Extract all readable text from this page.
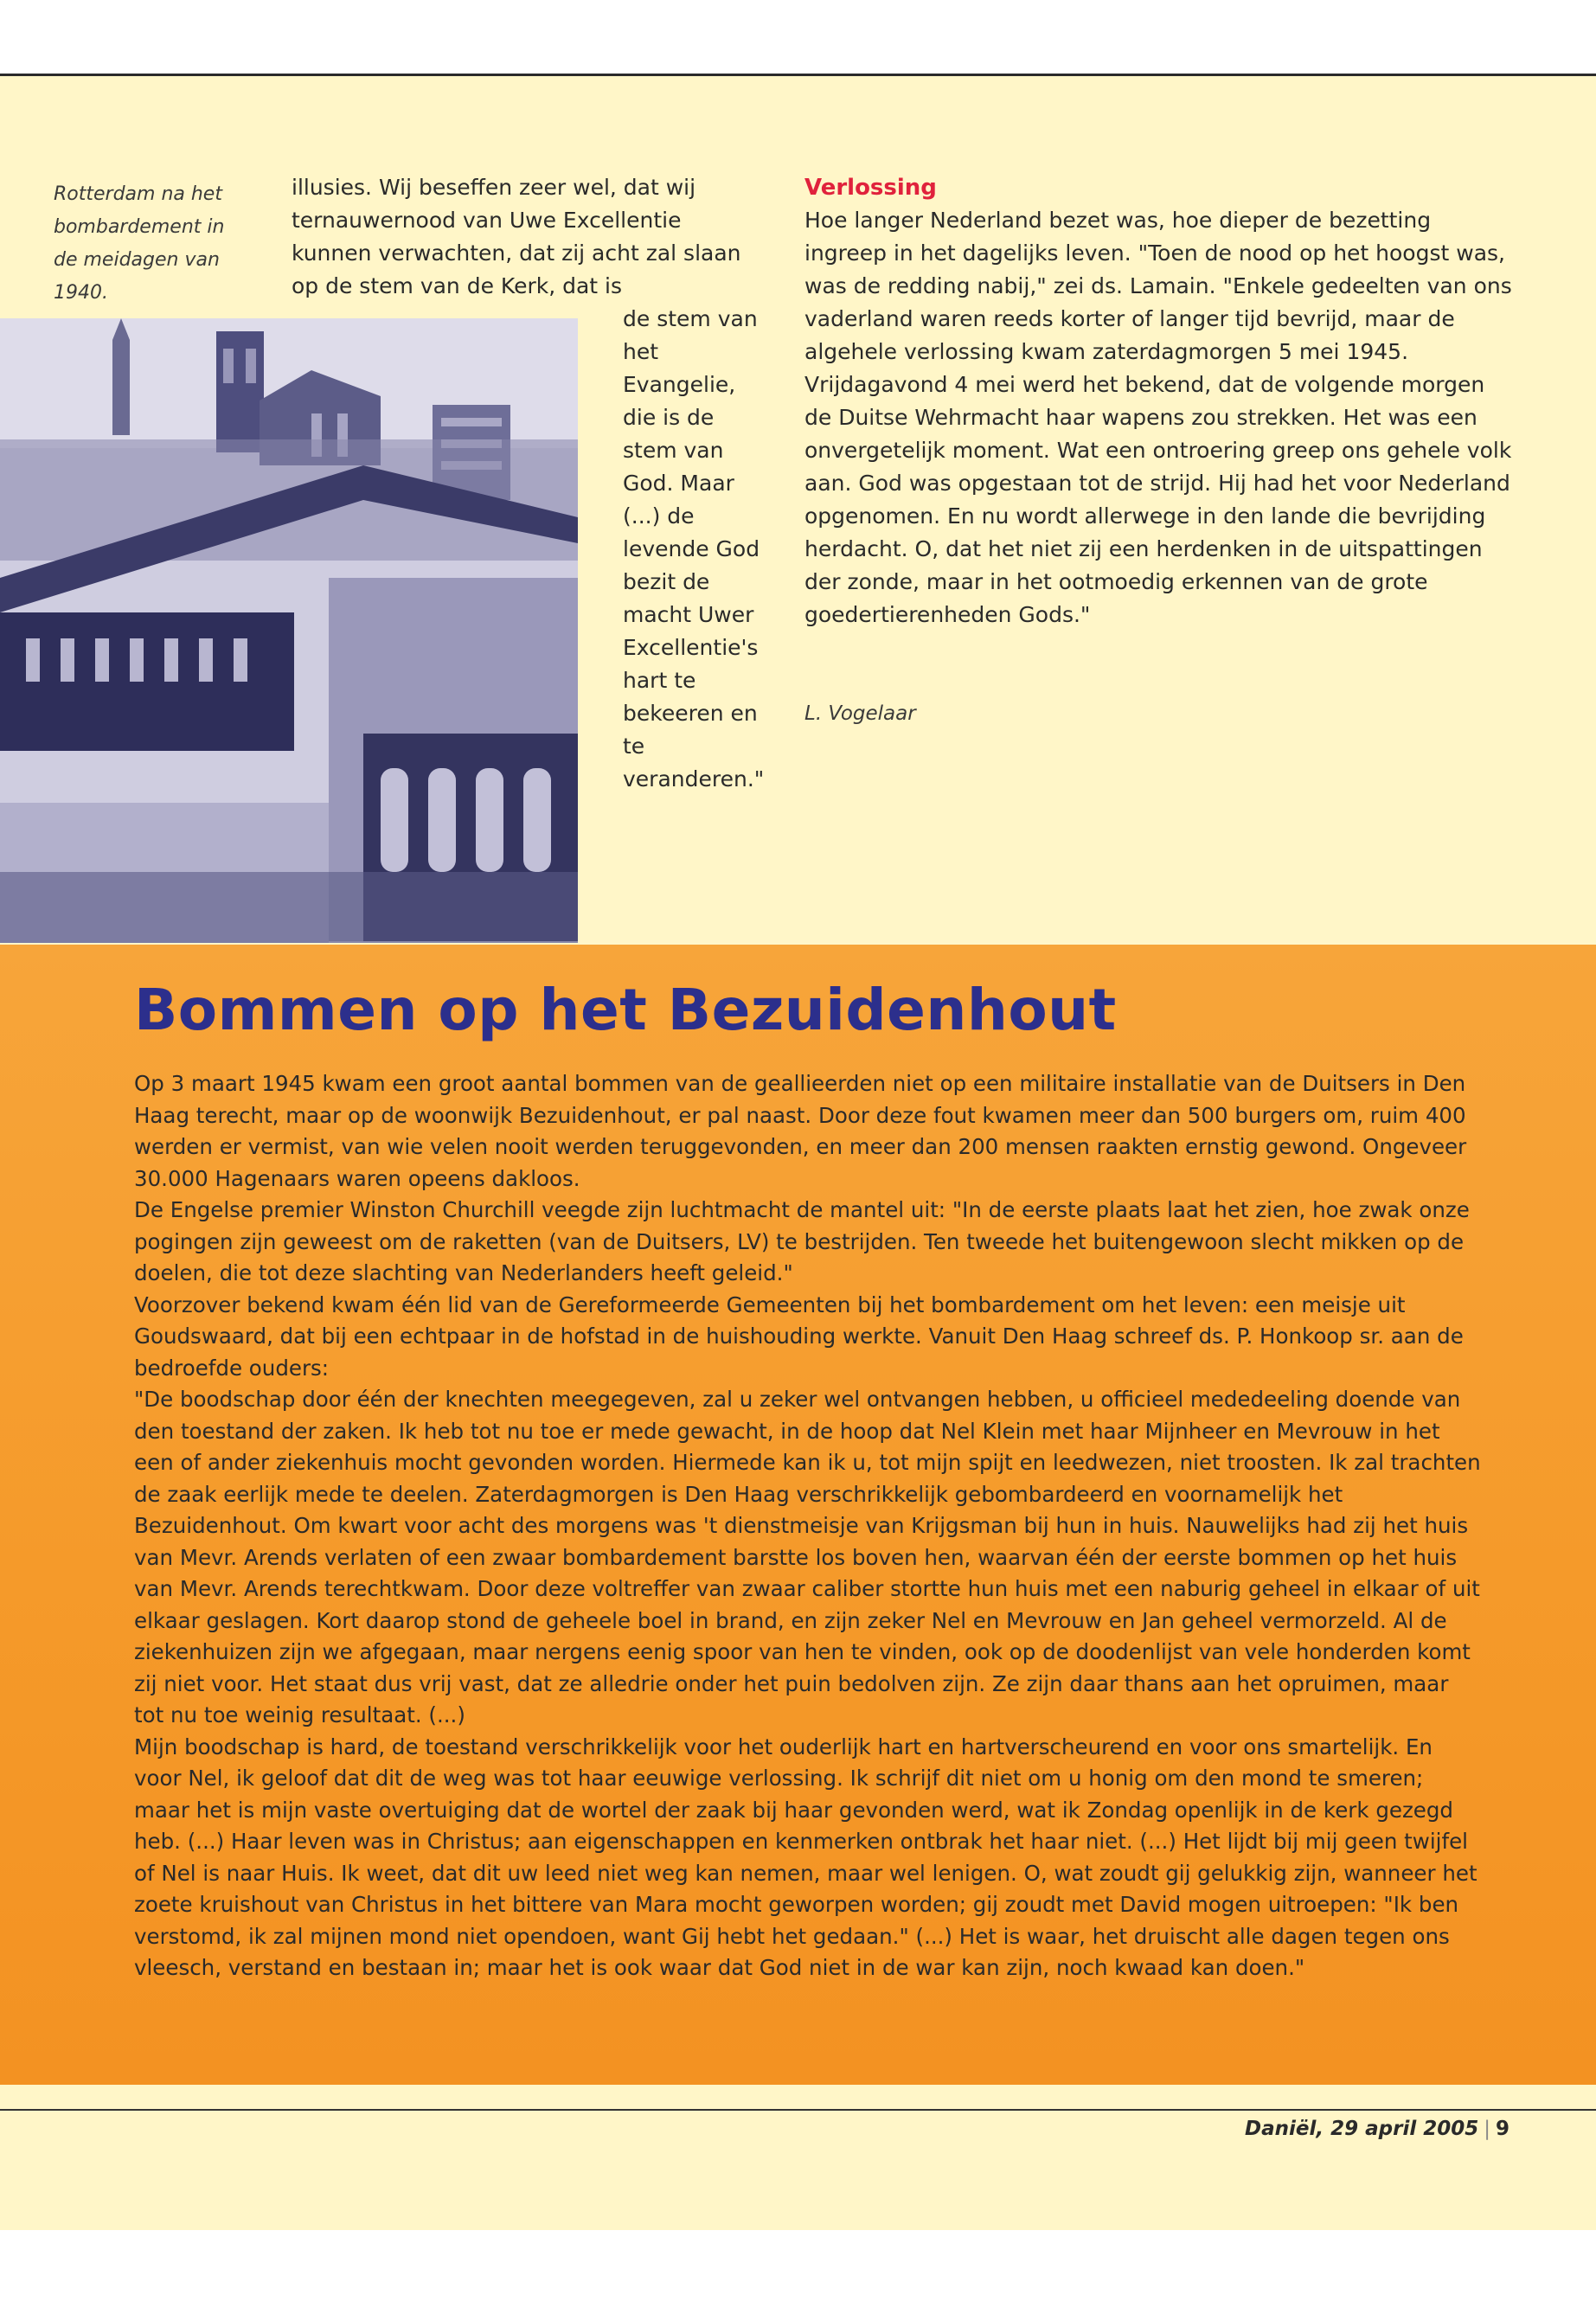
Rotterdam na het bombardement in de meidagen van 1940.

illusies. Wij beseffen zeer wel, dat wij ternauwernood van Uwe Excellentie kunnen verwachten, dat zij acht zal slaan op de stem van de Kerk, dat is

de stem van het Evangelie, die is de stem van God. Maar (...) de levende God bezit de macht Uwer Excellentie's hart te bekeeren en te veranderen."

Verlossing

Hoe langer Nederland bezet was, hoe dieper de bezetting ingreep in het dagelijks leven. "Toen de nood op het hoogst was, was de redding nabij," zei ds. Lamain. "Enkele gedeelten van ons vaderland waren reeds korter of langer tijd bevrijd, maar de algehele verlossing kwam zaterdagmorgen 5 mei 1945. Vrijdagavond 4 mei werd het bekend, dat de volgende morgen de Duitse Wehrmacht haar wapens zou strekken. Het was een onvergetelijk moment. Wat een ontroering greep ons gehele volk aan. God was opgestaan tot de strijd. Hij had het voor Nederland opgenomen. En nu wordt allerwege in den lande die bevrijding herdacht. O, dat het niet zij een herdenken in de uitspattingen der zonde, maar in het ootmoedig erkennen van de grote goedertierenheden Gods."

L. Vogelaar

Bommen op het Bezuidenhout

Op 3 maart 1945 kwam een groot aantal bommen van de geallieerden niet op een militaire installatie van de Duitsers in Den Haag terecht, maar op de woonwijk Bezuidenhout, er pal naast. Door deze fout kwamen meer dan 500 burgers om, ruim 400 werden er vermist, van wie velen nooit werden teruggevonden, en meer dan 200 mensen raakten ernstig gewond. Ongeveer 30.000 Hagenaars waren opeens dakloos.

De Engelse premier Winston Churchill veegde zijn luchtmacht de mantel uit: "In de eerste plaats laat het zien, hoe zwak onze pogingen zijn geweest om de raketten (van de Duitsers, LV) te bestrijden. Ten tweede het buitengewoon slecht mikken op de doelen, die tot deze slachting van Nederlanders heeft geleid."

Voorzover bekend kwam één lid van de Gereformeerde Gemeenten bij het bombardement om het leven: een meisje uit Goudswaard, dat bij een echtpaar in de hofstad in de huishouding werkte. Vanuit Den Haag schreef ds. P. Honkoop sr. aan de bedroefde ouders:

"De boodschap door één der knechten meegegeven, zal u zeker wel ontvangen hebben, u officieel mededeeling doende van den toestand der zaken. Ik heb tot nu toe er mede gewacht, in de hoop dat Nel Klein met haar Mijnheer en Mevrouw in het een of ander ziekenhuis mocht gevonden worden. Hiermede kan ik u, tot mijn spijt en leedwezen, niet troosten. Ik zal trachten de zaak eerlijk mede te deelen. Zaterdagmorgen is Den Haag verschrikkelijk gebombardeerd en voornamelijk het Bezuidenhout. Om kwart voor acht des morgens was 't dienstmeisje van Krijgsman bij hun in huis. Nauwelijks had zij het huis van Mevr. Arends verlaten of een zwaar bombardement barstte los boven hen, waarvan één der eerste bommen op het huis van Mevr. Arends terechtkwam. Door deze voltreffer van zwaar caliber stortte hun huis met een naburig geheel in elkaar of uit elkaar geslagen. Kort daarop stond de geheele boel in brand, en zijn zeker Nel en Mevrouw en Jan geheel vermorzeld. Al de ziekenhuizen zijn we afgegaan, maar nergens eenig spoor van hen te vinden, ook op de doodenlijst van vele honderden komt zij niet voor. Het staat dus vrij vast, dat ze alledrie onder het puin bedolven zijn. Ze zijn daar thans aan het opruimen, maar tot nu toe weinig resultaat. (...)

Mijn boodschap is hard, de toestand verschrikkelijk voor het ouderlijk hart en hartverscheurend en voor ons smartelijk. En voor Nel, ik geloof dat dit de weg was tot haar eeuwige verlossing. Ik schrijf dit niet om u honig om den mond te smeren; maar het is mijn vaste overtuiging dat de wortel der zaak bij haar gevonden werd, wat ik Zondag openlijk in de kerk gezegd heb. (...) Haar leven was in Christus; aan eigenschappen en kenmerken ontbrak het haar niet. (...) Het lijdt bij mij geen twijfel of Nel is naar Huis. Ik weet, dat dit uw leed niet weg kan nemen, maar wel lenigen. O, wat zoudt gij gelukkig zijn, wanneer het zoete kruishout van Christus in het bittere van Mara mocht geworpen worden; gij zoudt met David mogen uitroepen: "Ik ben verstomd, ik zal mijnen mond niet opendoen, want Gij hebt het gedaan." (...) Het is waar, het druischt alle dagen tegen ons vleesch, verstand en bestaan in; maar het is ook waar dat God niet in de war kan zijn, noch kwaad kan doen."

Daniël, 29 april 2005 | 9
